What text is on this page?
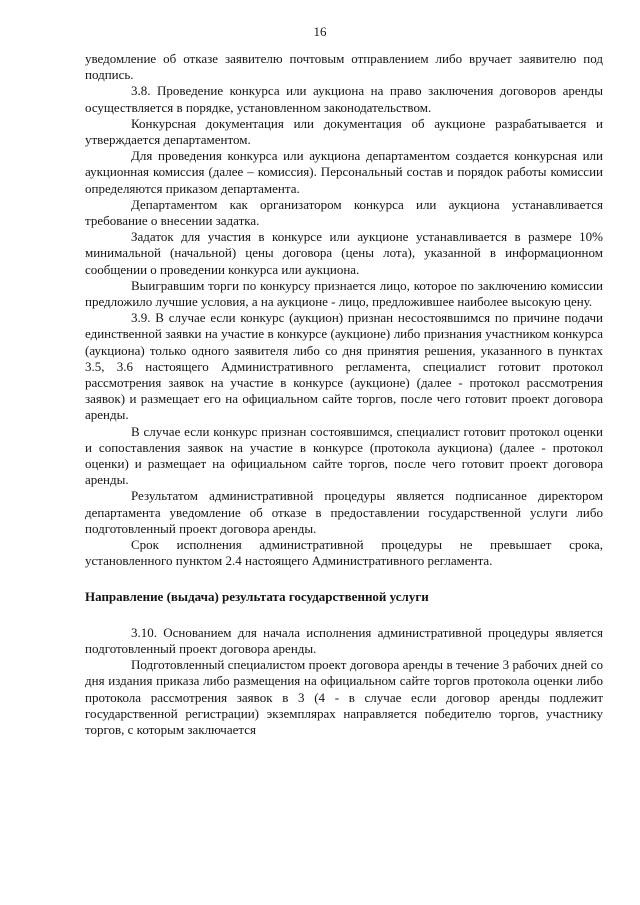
16

уведомление об отказе заявителю почтовым отправлением либо вручает заявителю под подпись.

3.8. Проведение конкурса или аукциона на право заключения договоров аренды осуществляется в порядке, установленном законодательством.

Конкурсная документация или документация об аукционе разрабатывается и утверждается департаментом.

Для проведения конкурса или аукциона департаментом создается конкурсная или аукционная комиссия (далее – комиссия). Персональный состав и порядок работы комиссии определяются приказом департамента.

Департаментом как организатором конкурса или аукциона устанавливается требование о внесении задатка.

Задаток для участия в конкурсе или аукционе устанавливается в размере 10% минимальной (начальной) цены договора (цены лота), указанной в информационном сообщении о проведении конкурса или аукциона.

Выигравшим торги по конкурсу признается лицо, которое по заключению комиссии предложило лучшие условия, а на аукционе - лицо, предложившее наиболее высокую цену.

3.9. В случае если конкурс (аукцион) признан несостоявшимся по причине подачи единственной заявки на участие в конкурсе (аукционе) либо признания участником конкурса (аукциона) только одного заявителя либо со дня принятия решения, указанного в пунктах 3.5, 3.6 настоящего Административного регламента, специалист готовит протокол рассмотрения заявок на участие в конкурсе (аукционе) (далее - протокол рассмотрения заявок) и размещает его на официальном сайте торгов, после чего готовит проект договора аренды.

В случае если конкурс признан состоявшимся, специалист готовит протокол оценки и сопоставления заявок на участие в конкурсе (протокола аукциона) (далее - протокол оценки) и размещает на официальном сайте торгов, после чего готовит проект договора аренды.

Результатом административной процедуры является подписанное директором департамента уведомление об отказе в предоставлении государственной услуги либо подготовленный проект договора аренды.

Срок исполнения административной процедуры не превышает срока, установленного пунктом 2.4 настоящего Административного регламента.

Направление (выдача) результата государственной услуги

3.10. Основанием для начала исполнения административной процедуры является подготовленный проект договора аренды.

Подготовленный специалистом проект договора аренды в течение 3 рабочих дней со дня издания приказа либо размещения на официальном сайте торгов протокола оценки либо протокола рассмотрения заявок в 3 (4 - в случае если договор аренды подлежит государственной регистрации) экземплярах направляется победителю торгов, участнику торгов, с которым заключается
